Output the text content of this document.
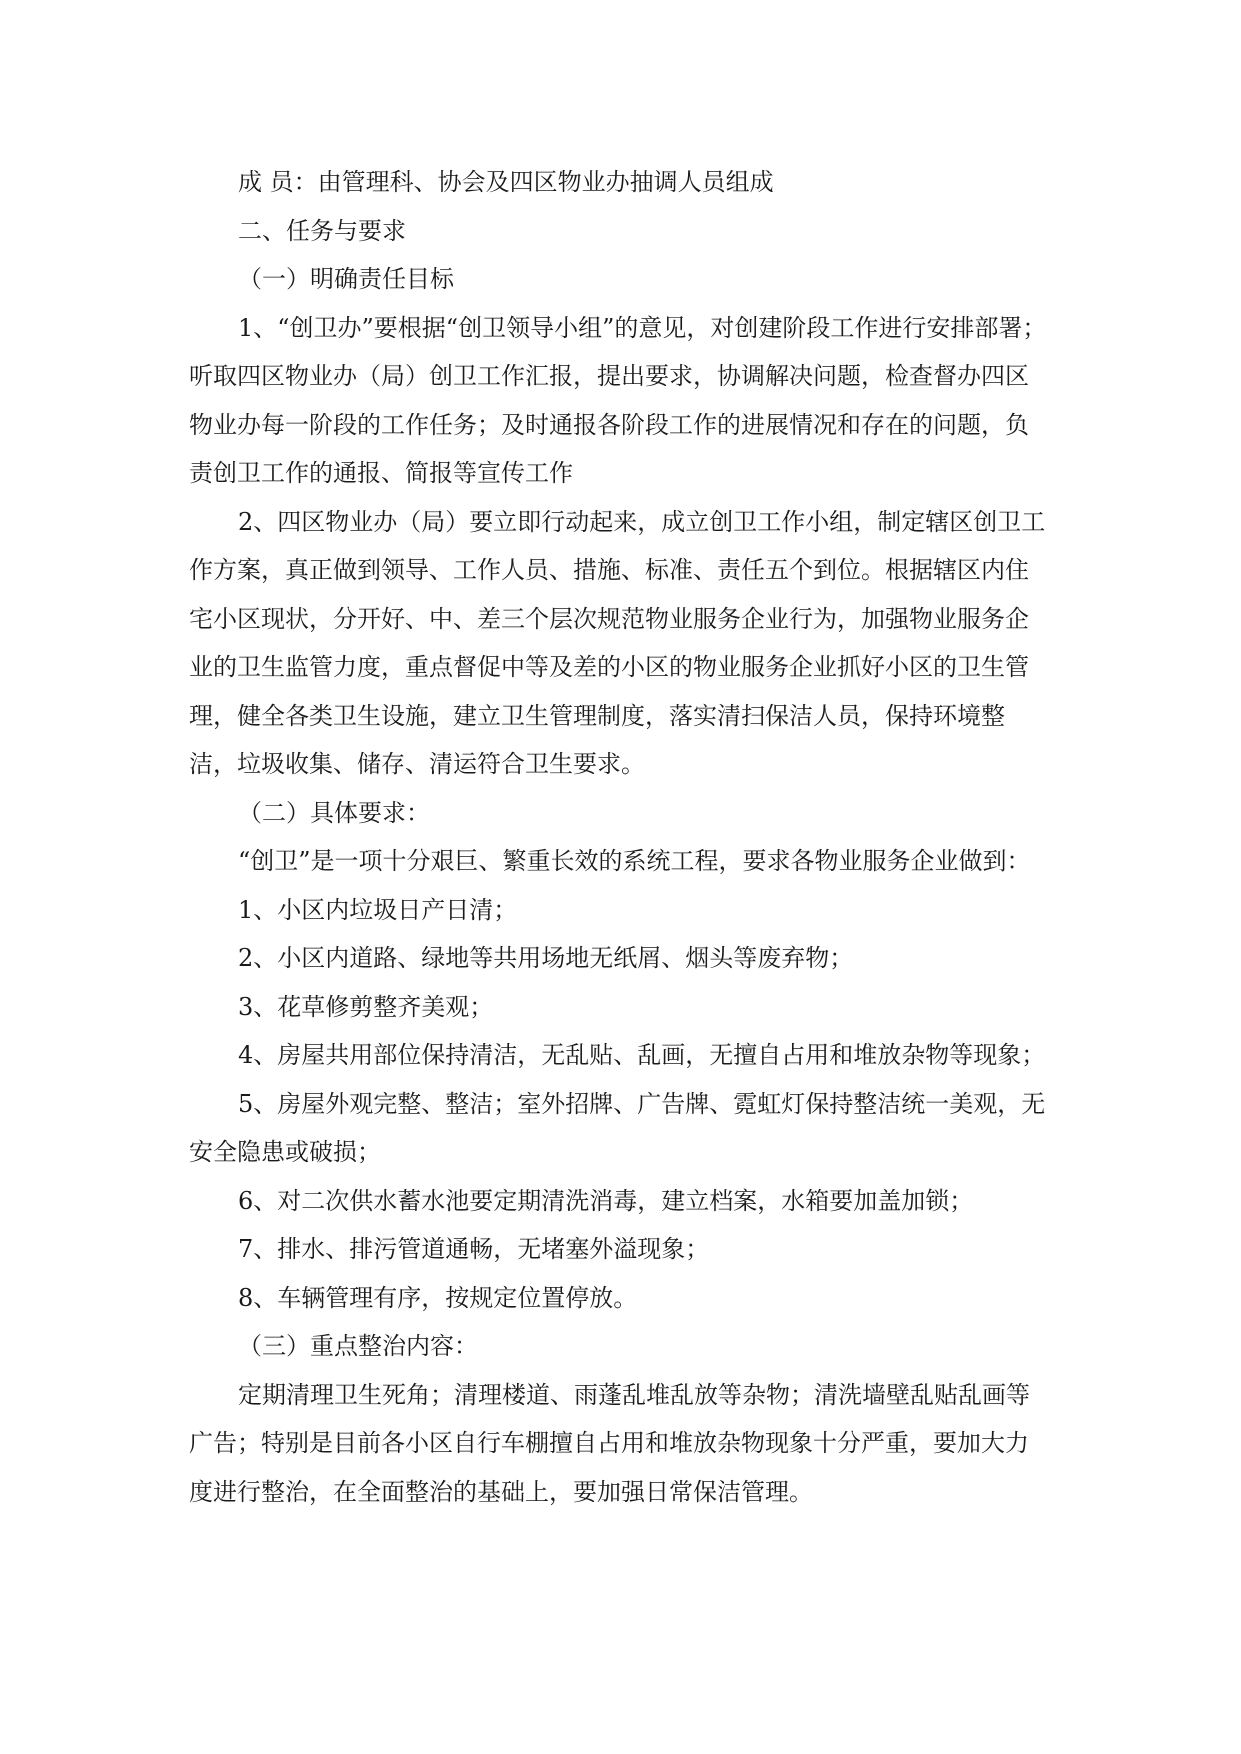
成 员：由管理科、协会及四区物业办抽调人员组成

二、任务与要求

（一）明确责任目标

1、“创卫办”要根据“创卫领导小组”的意见，对创建阶段工作进行安排部署；听取四区物业办（局）创卫工作汇报，提出要求，协调解决问题，检查督办四区物业办每一阶段的工作任务；及时通报各阶段工作的进展情况和存在的问题，负责创卫工作的通报、简报等宣传工作

2、四区物业办（局）要立即行动起来，成立创卫工作小组，制定辖区创卫工作方案，真正做到领导、工作人员、措施、标准、责任五个到位。根据辖区内住宅小区现状，分开好、中、差三个层次规范物业服务企业行为，加强物业服务企业的卫生监管力度，重点督促中等及差的小区的物业服务企业抓好小区的卫生管理，健全各类卫生设施，建立卫生管理制度，落实清扫保洁人员，保持环境整洁，垃圾收集、储存、清运符合卫生要求。

（二）具体要求：

“创卫”是一项十分艰巨、繁重长效的系统工程，要求各物业服务企业做到：

1、小区内垃圾日产日清；

2、小区内道路、绿地等共用场地无纸屑、烟头等废弃物；

3、花草修剪整齐美观；

4、房屋共用部位保持清洁，无乱贴、乱画，无擅自占用和堆放杂物等现象；

5、房屋外观完整、整洁；室外招牌、广告牌、霓虹灯保持整洁统一美观，无安全隐患或破损；

6、对二次供水蓄水池要定期清洗消毒，建立档案，水箱要加盖加锁；

7、排水、排污管道通畅，无堵塞外溢现象；

8、车辆管理有序，按规定位置停放。

（三）重点整治内容：

定期清理卫生死角；清理楼道、雨蓬乱堆乱放等杂物；清洗墙壁乱贴乱画等广告；特别是目前各小区自行车棚擅自占用和堆放杂物现象十分严重，要加大力度进行整治，在全面整治的基础上，要加强日常保洁管理。
